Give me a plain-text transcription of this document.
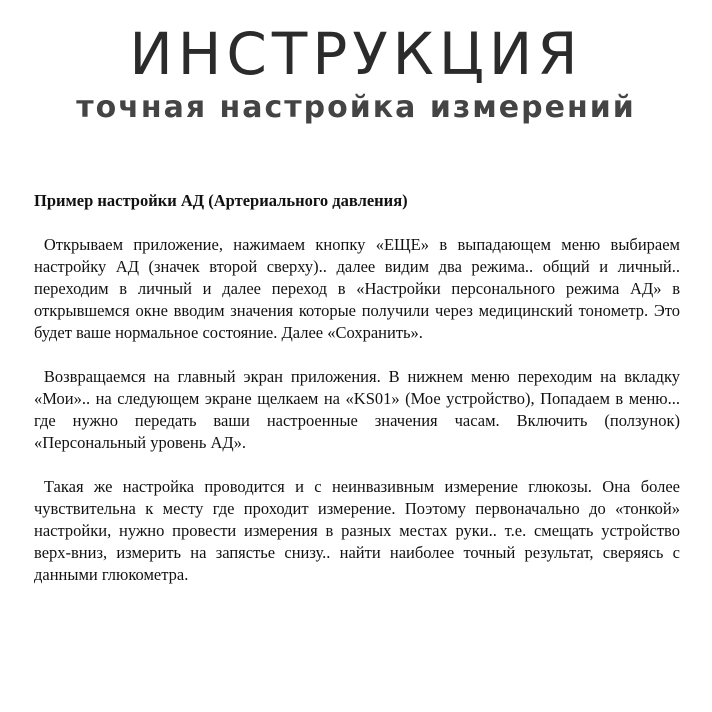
ИНСТРУКЦИЯ
точная настройка измерений

Пример настройки АД (Артериального давления)

Открываем приложение, нажимаем кнопку «ЕЩЕ» в выпадающем меню выбираем настройку АД (значек второй сверху).. далее видим два режима.. общий и личный.. переходим в личный и далее переход в «Настройки персонального режима АД» в открывшемся окне вводим значения которые получили через медицинский тонометр. Это будет ваше нормальное состояние. Далее «Сохранить».

Возвращаемся на главный экран приложения. В нижнем меню переходим на вкладку «Мои».. на следующем экране щелкаем на «KS01» (Мое устройство), Попадаем в меню... где нужно передать ваши настроенные значения часам. Включить (ползунок) «Персональный уровень АД».

Такая же настройка проводится и с неинвазивным измерение глюкозы. Она более чувствительна к месту где проходит измерение. Поэтому первоначально до «тонкой» настройки, нужно провести измерения в разных местах руки.. т.е. смещать устройство верх-вниз, измерить на запястье снизу.. найти наиболее точный результат, сверяясь с данными глюкометра.
